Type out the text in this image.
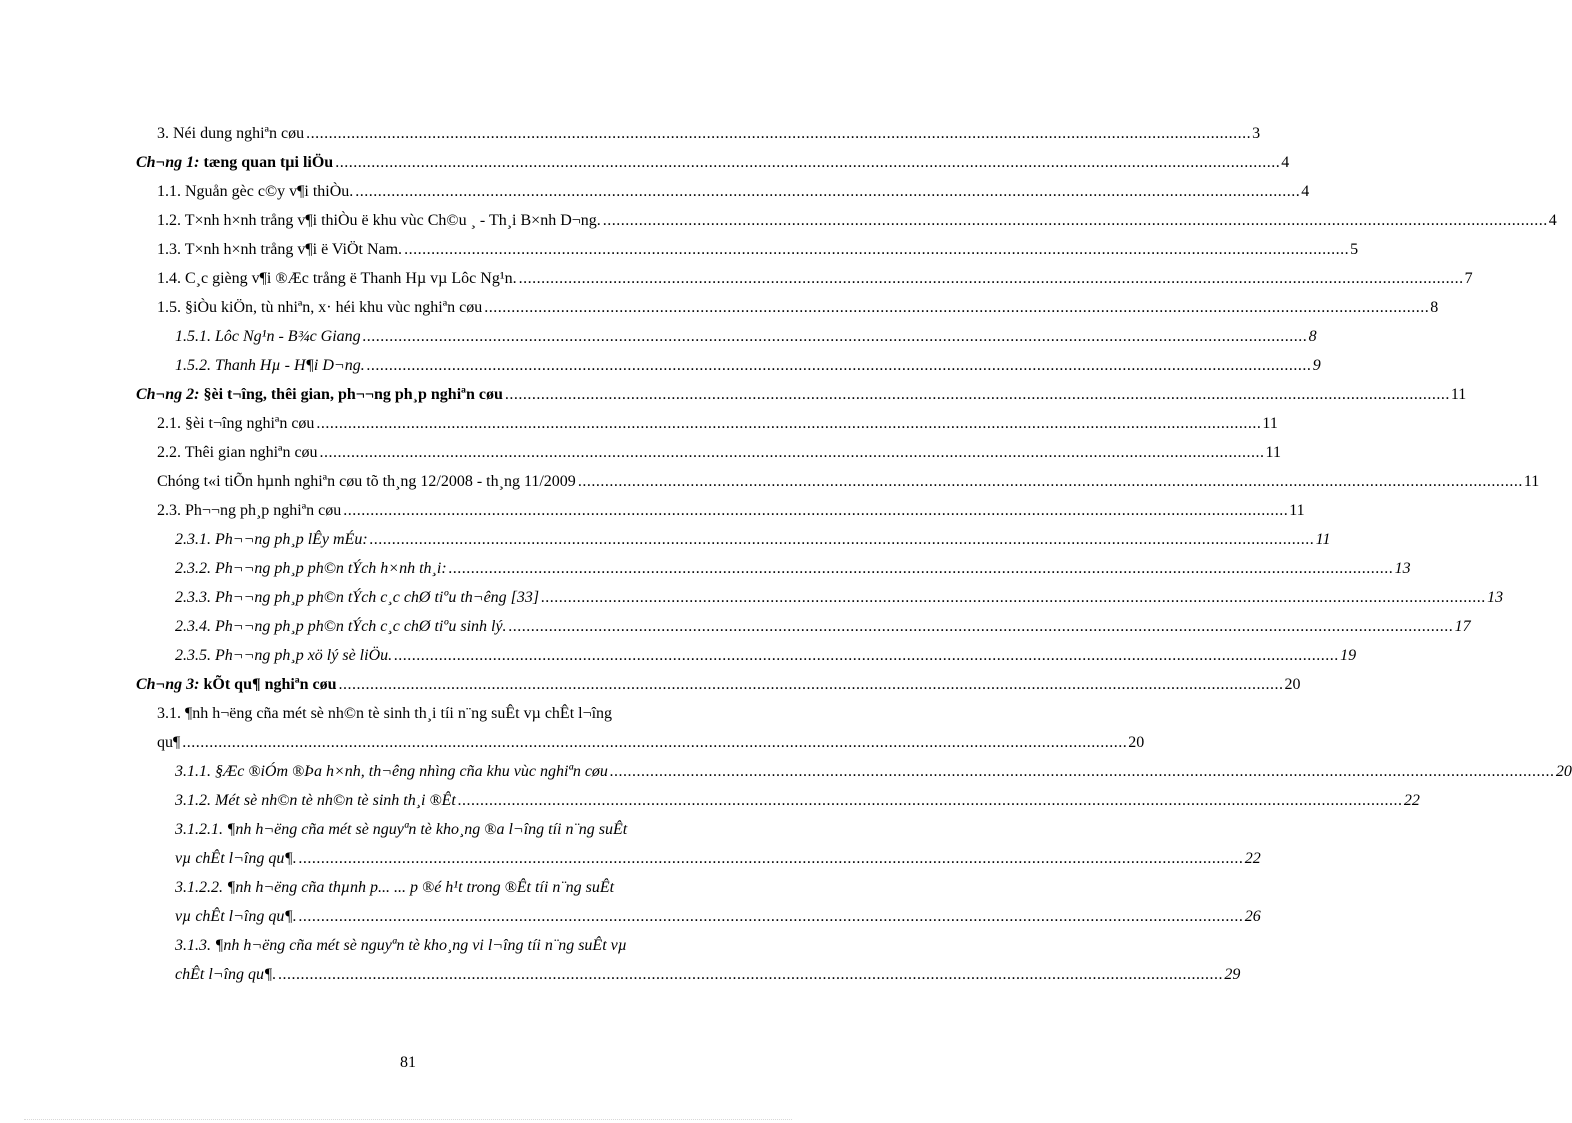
3. Néi dung nghiªn cøu .................................................................................................................................................................................................................. 3
Ch¬ng 1: tæng quan tµi liÖu .................................................................................................................................................................................................................. 4
1.1. Nguån gèc c©y v¶i thiÒu. .................................................................................................................................................................................................................. 4
1.2. T×nh h×nh trång v¶i thiÒu ë khu vùc Ch©u ¸ - Th¸i B×nh D¬ng. .................................................................................................................................................................................................................. 4
1.3. T×nh h×nh trång v¶i ë ViÖt Nam. .................................................................................................................................................................................................................. 5
1.4. C¸c gièng v¶i ®Æc trång ë Thanh Hµ vµ Lôc Ng¹n. .................................................................................................................................................................................................................. 7
1.5. §iÒu kiÖn, tù nhiªn, x· héi khu vùc nghiªn cøu .................................................................................................................................................................................................................. 8
1.5.1. Lôc Ng¹n - B¾c Giang .................................................................................................................................................................................................................. 8
1.5.2. Thanh Hµ - H¶i D¬ng. .................................................................................................................................................................................................................. 9
Ch¬ng 2: §èi t¬îng, thêi gian, ph¬¬ng ph¸p nghiªn cøu .................................................................................................................................................................................................................. 11
2.1. §èi t¬îng nghiªn cøu .................................................................................................................................................................................................................. 11
2.2. Thêi gian nghiªn cøu .................................................................................................................................................................................................................. 11
Chóng t«i tiÕn hµnh nghiªn cøu tõ th¸ng 12/2008 - th¸ng 11/2009 .................................................................................................................................................................................................................. 11
2.3. Ph¬¬ng ph¸p nghiªn cøu .................................................................................................................................................................................................................. 11
2.3.1. Ph¬¬ng ph¸p lÊy mÉu: .................................................................................................................................................................................................................. 11
2.3.2. Ph¬¬ng ph¸p ph©n tÝch h×nh th¸i: .................................................................................................................................................................................................................. 13
2.3.3. Ph¬¬ng ph¸p ph©n tÝch c¸c chØ tiºu th¬êng [33] .................................................................................................................................................................................................................. 13
2.3.4. Ph¬¬ng ph¸p ph©n tÝch c¸c chØ tiºu sinh lý. .................................................................................................................................................................................................................. 17
2.3.5. Ph¬¬ng ph¸p xö lý sè liÖu. .................................................................................................................................................................................................................. 19
Ch¬ng 3: kÕt qu¶ nghiªn cøu .................................................................................................................................................................................................................. 20
3.1. ¶nh h¬ëng cña mét sè nh©n tè sinh th¸i tíi n¨ng suÊt vµ chÊt l¬îng
qu¶ .................................................................................................................................................................................................................. 20
3.1.1. §Æc ®iÓm ®Þa h×nh, th¬êng nhìng cña khu vùc nghiªn cøu .................................................................................................................................................................................................................. 20
3.1.2. Mét sè nh©n tè nh©n tè sinh th¸i ®Êt .................................................................................................................................................................................................................. 22
3.1.2.1. ¶nh h¬ëng cña mét sè nguyªn tè kho¸ng ®a l¬îng tíi n¨ng suÊt
vµ chÊt l¬îng qu¶. .................................................................................................................................................................................................................. 22
3.1.2.2. ¶nh h¬ëng cña thµnh p... ... p ®é h¹t trong ®Êt tíi n¨ng suÊt
vµ chÊt l¬îng qu¶. .................................................................................................................................................................................................................. 26
3.1.3. ¶nh h¬ëng cña mét sè nguyªn tè kho¸ng vi l¬îng tíi n¨ng suÊt vµ
chÊt l¬îng qu¶. .................................................................................................................................................................................................................. 29
81
